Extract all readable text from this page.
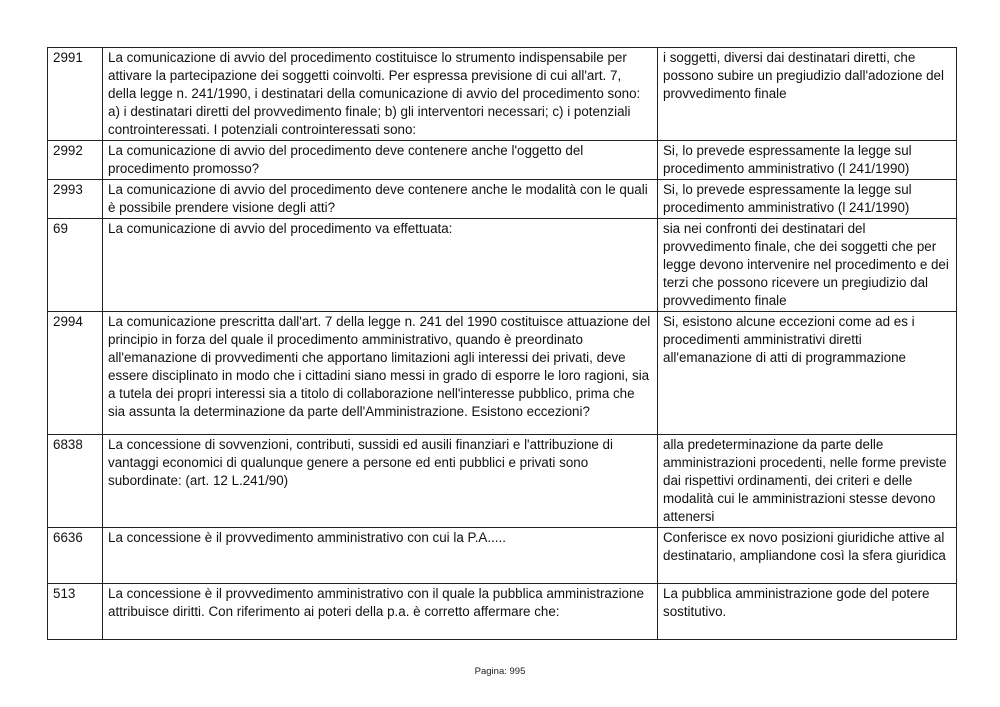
2991	La comunicazione di avvio del procedimento costituisce lo strumento indispensabile per attivare la partecipazione dei soggetti coinvolti. Per espressa previsione di cui all'art. 7, della legge n. 241/1990, i destinatari della comunicazione di avvio del procedimento sono: a) i destinatari diretti del provvedimento finale; b) gli interventori necessari; c) i potenziali controinteressati. I potenziali controinteressati sono:	i soggetti, diversi dai destinatari diretti, che possono subire un pregiudizio dall'adozione del provvedimento finale
2992	La comunicazione di avvio del procedimento deve contenere anche l'oggetto del procedimento promosso?	Si, lo prevede espressamente la legge sul procedimento amministrativo (l 241/1990)
2993	La comunicazione di avvio del procedimento deve contenere anche le modalità con le quali è possibile prendere visione degli atti?	Si, lo prevede espressamente la legge sul procedimento amministrativo (l 241/1990)
69	La comunicazione di avvio del procedimento va effettuata:	sia nei confronti dei destinatari del provvedimento finale, che dei soggetti che per legge devono intervenire nel procedimento e dei terzi che possono ricevere un pregiudizio dal provvedimento finale
2994	La comunicazione prescritta dall'art. 7 della legge n. 241 del 1990 costituisce attuazione del principio in forza del quale il procedimento amministrativo, quando è preordinato all'emanazione di provvedimenti che apportano limitazioni agli interessi dei privati, deve essere disciplinato in modo che i cittadini siano messi in grado di esporre le loro ragioni, sia a tutela dei propri interessi sia a titolo di collaborazione nell'interesse pubblico, prima che sia assunta la determinazione da parte dell'Amministrazione. Esistono eccezioni?	Si, esistono alcune eccezioni come ad es i procedimenti amministrativi diretti all'emanazione di atti di programmazione
6838	La concessione di sovvenzioni, contributi, sussidi ed ausili finanziari e l'attribuzione di vantaggi economici di qualunque genere a persone ed enti pubblici e privati sono subordinate: (art. 12 L.241/90)	alla predeterminazione da parte delle amministrazioni procedenti, nelle forme previste dai rispettivi ordinamenti, dei criteri e delle modalità cui le amministrazioni stesse devono attenersi
6636	La concessione è il provvedimento amministrativo con cui la P.A.....	Conferisce ex novo posizioni giuridiche attive al destinatario, ampliandone così la sfera giuridica
513	La concessione è il provvedimento amministrativo con il quale la pubblica amministrazione attribuisce diritti. Con riferimento ai poteri della p.a. è corretto affermare che:	La pubblica amministrazione gode del potere sostitutivo.
Pagina: 995
